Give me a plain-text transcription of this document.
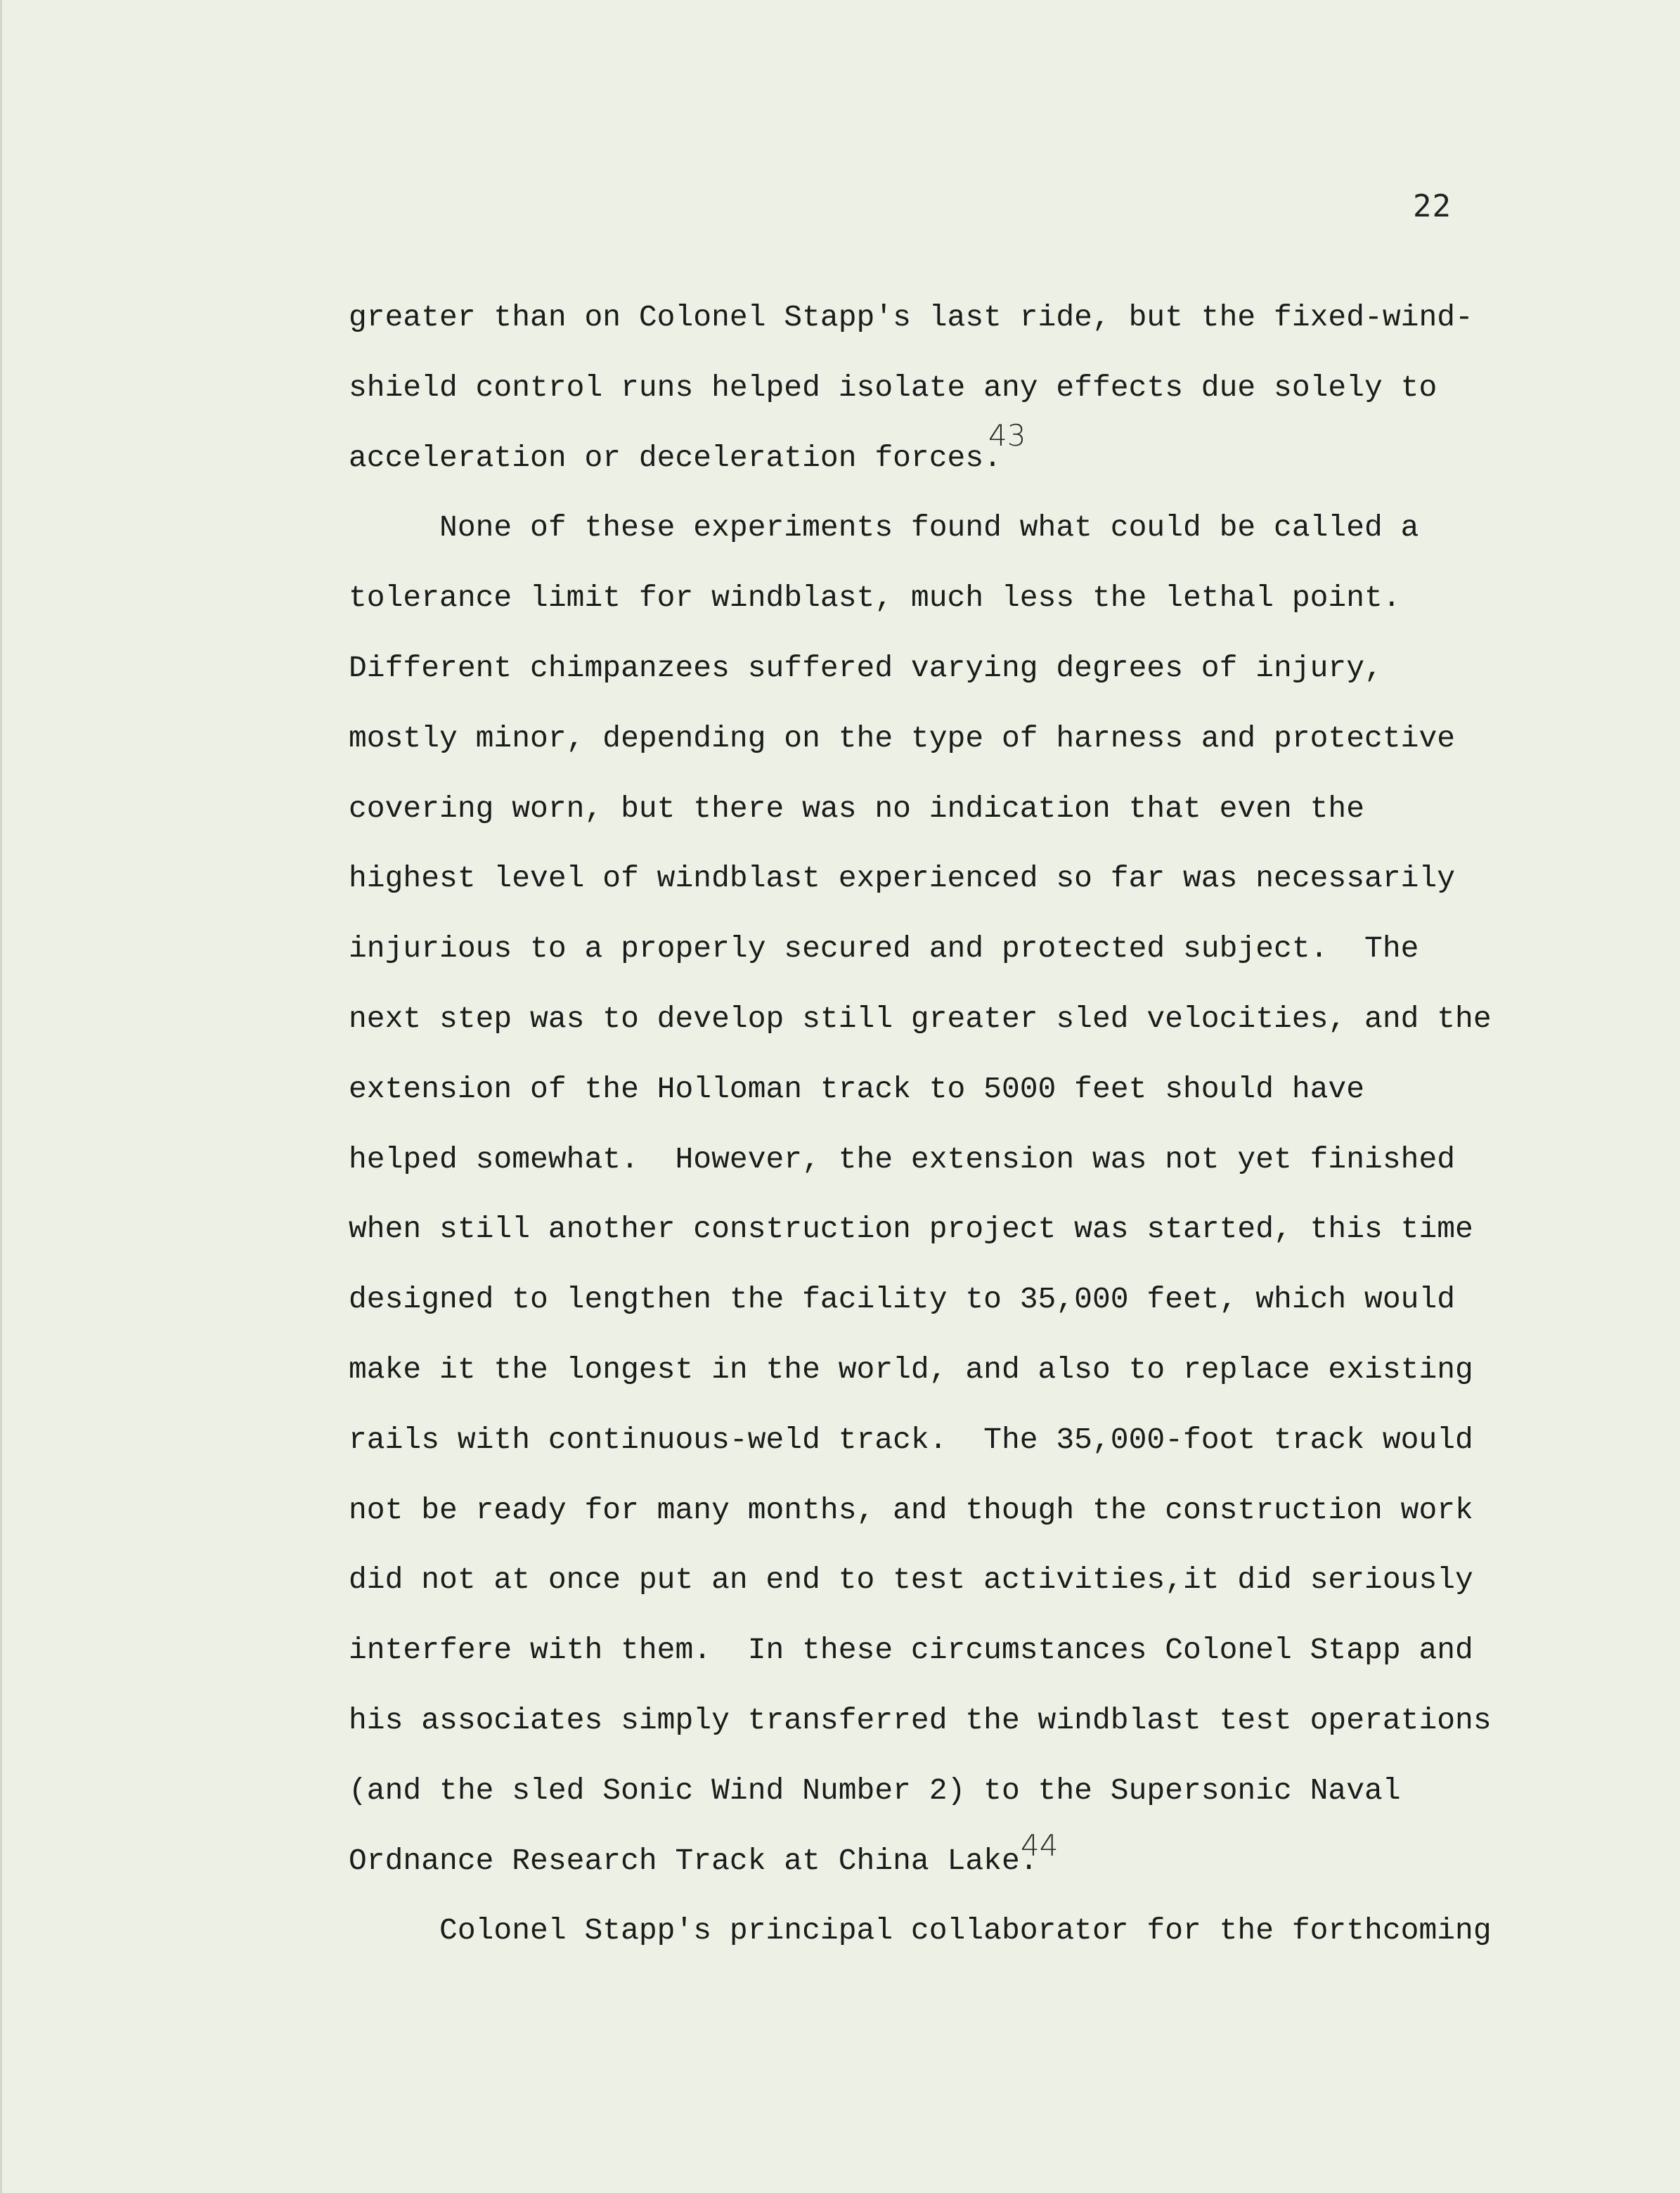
22
greater than on Colonel Stapp's last ride, but the fixed-wind-
shield control runs helped isolate any effects due solely to
acceleration or deceleration forces.
None of these experiments found what could be called a
tolerance limit for windblast, much less the lethal point.
Different chimpanzees suffered varying degrees of injury,
mostly minor, depending on the type of harness and protective
covering worn, but there was no indication that even the
highest level of windblast experienced so far was necessarily
injurious to a properly secured and protected subject.  The
next step was to develop still greater sled velocities, and the
extension of the Holloman track to 5000 feet should have
helped somewhat.  However, the extension was not yet finished
when still another construction project was started, this time
designed to lengthen the facility to 35,000 feet, which would
make it the longest in the world, and also to replace existing
rails with continuous-weld track.  The 35,000-foot track would
not be ready for many months, and though the construction work
did not at once put an end to test activities,it did seriously
interfere with them.  In these circumstances Colonel Stapp and
his associates simply transferred the windblast test operations
(and the sled Sonic Wind Number 2) to the Supersonic Naval
Ordnance Research Track at China Lake.
Colonel Stapp's principal collaborator for the forthcoming
43
44
